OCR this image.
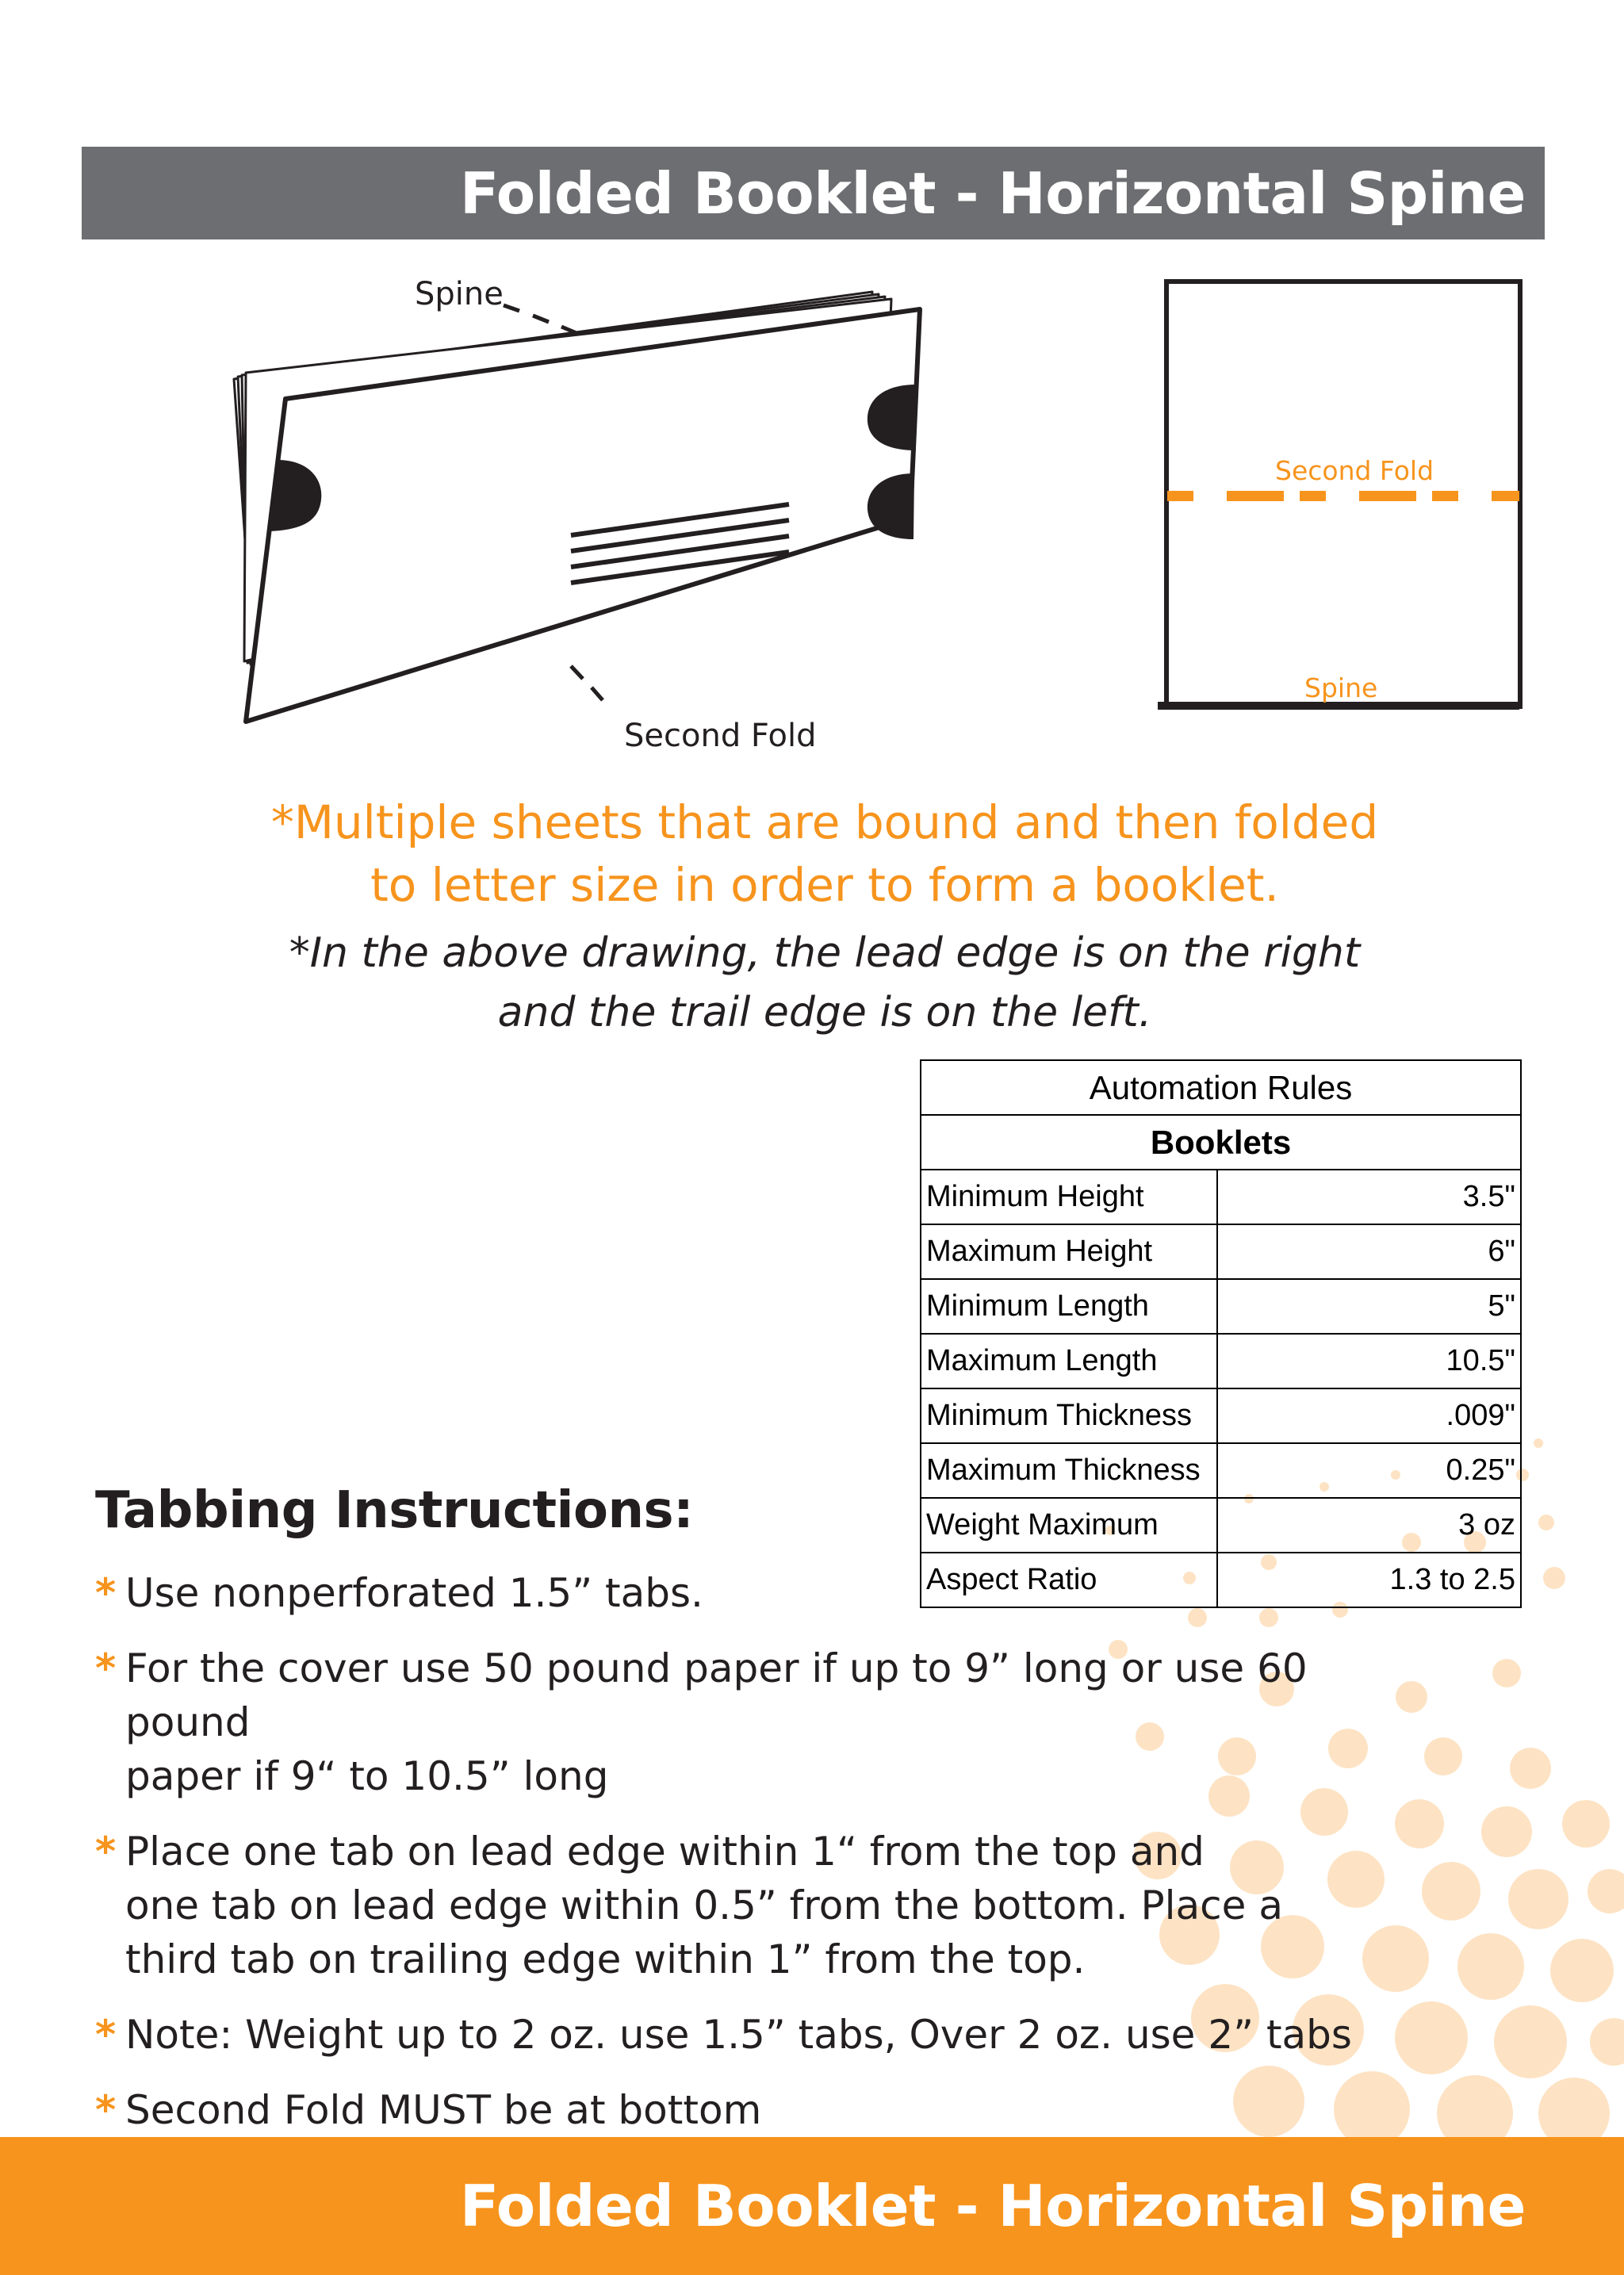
Folded Booklet - Horizontal Spine
Spine
Second Fold
Second Fold
Spine
*Multiple sheets that are bound and then folded
to letter size in order to form a booklet.
*In the above drawing, the lead edge is on the right
and the trail edge is on the left.
Automation Rules	
Booklets	
Minimum Height	3.5"
Maximum Height	6"
Minimum Length	5"
Maximum Length	10.5"
Minimum Thickness	.009"
Maximum Thickness	0.25"
Weight Maximum	3 oz
Aspect Ratio	1.3 to 2.5
Tabbing Instructions:
* Use nonperforated 1.5” tabs.
* For the cover use 50 pound paper if up to 9” long or use 60 pound
paper if 9“ to 10.5” long
* Place one tab on lead edge within 1“ from the top and
one tab on lead edge within 0.5” from the bottom. Place a
third tab on trailing edge within 1” from the top.
* Note: Weight up to 2 oz. use 1.5” tabs, Over 2 oz. use 2” tabs
* Second Fold MUST be at bottom
Folded Booklet - Horizontal Spine
